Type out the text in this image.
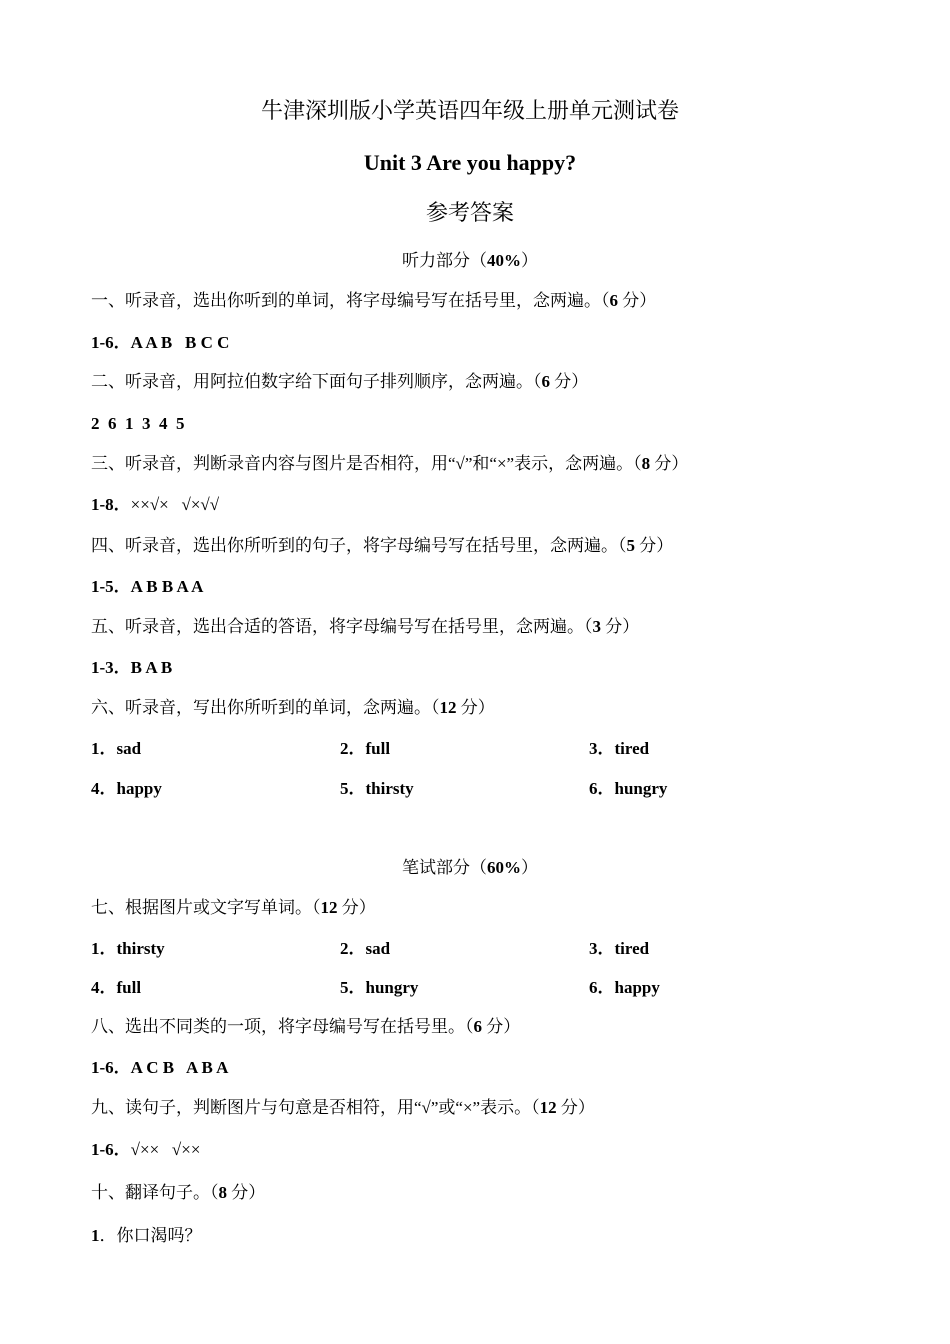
牛津深圳版小学英语四年级上册单元测试卷
Unit 3 Are you happy?
参考答案
听力部分（40%）
一、听录音，选出你听到的单词，将字母编号写在括号里，念两遍。（6 分）
1-6．A A B   B C C
二、听录音，用阿拉伯数字给下面句子排列顺序，念两遍。（6 分）
2  6  1  3  4  5
三、听录音，判断录音内容与图片是否相符，用“√”和“×”表示，念两遍。（8 分）
1-8．××√×   √×√√
四、听录音，选出你所听到的句子，将字母编号写在括号里，念两遍。（5 分）
1-5．A B B A A
五、听录音，选出合适的答语，将字母编号写在括号里，念两遍。（3 分）
1-3．B A B
六、听录音，写出你所听到的单词，念两遍。（12 分）
1．sad	2．full	3．tired
4．happy	5．thirsty	6．hungry
笔试部分（60%）
七、根据图片或文字写单词。（12 分）
1．thirsty	2．sad	3．tired
4．full	5．hungry	6．happy
八、选出不同类的一项，将字母编号写在括号里。（6 分）
1-6．A C B   A B A
九、读句子，判断图片与句意是否相符，用“√”或“×”表示。（12 分）
1-6．√××   √××
十、翻译句子。（8 分）
1．你口渴吗？
